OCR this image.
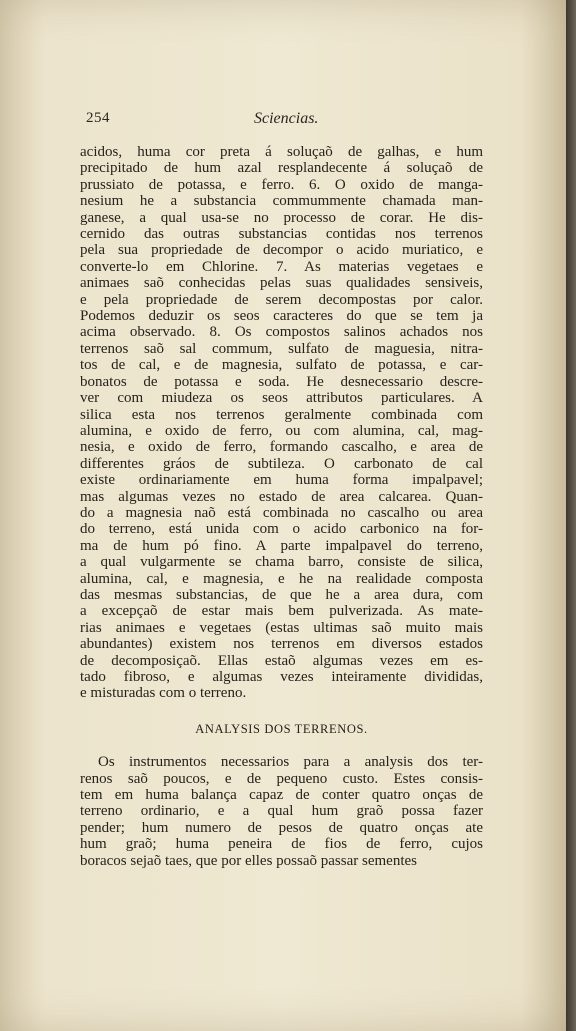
254	Sciencias.
acidos, huma cor preta á soluçaõ de galhas, e hum
precipitado de hum azal resplandecente á soluçaõ de
prussiato de potassa, e ferro. 6. O oxido de manga-
nesium he a substancia commummente chamada man-
ganese, a qual usa-se no processo de corar. He dis-
cernido das outras substancias contidas nos terrenos
pela sua propriedade de decompor o acido muriatico, e
converte-lo em Chlorine. 7. As materias vegetaes e
animaes saõ conhecidas pelas suas qualidades sensiveis,
e pela propriedade de serem decompostas por calor.
Podemos deduzir os seos caracteres do que se tem ja
acima observado. 8. Os compostos salinos achados nos
terrenos saõ sal commum, sulfato de maguesia, nitra-
tos de cal, e de magnesia, sulfato de potassa, e car-
bonatos de potassa e soda. He desnecessario descre-
ver com miudeza os seos attributos particulares. A
silica esta nos terrenos geralmente combinada com
alumina, e oxido de ferro, ou com alumina, cal, mag-
nesia, e oxido de ferro, formando cascalho, e area de
differentes gráos de subtileza. O carbonato de cal
existe ordinariamente em huma forma impalpavel;
mas algumas vezes no estado de area calcarea. Quan-
do a magnesia naõ está combinada no cascalho ou area
do terreno, está unida com o acido carbonico na for-
ma de hum pó fino. A parte impalpavel do terreno,
a qual vulgarmente se chama barro, consiste de silica,
alumina, cal, e magnesia, e he na realidade composta
das mesmas substancias, de que he a area dura, com
a excepçaõ de estar mais bem pulverizada. As mate-
rias animaes e vegetaes (estas ultimas saõ muito mais
abundantes) existem nos terrenos em diversos estados
de decomposiçaõ. Ellas estaõ algumas vezes em es-
tado fibroso, e algumas vezes inteiramente divididas,
e misturadas com o terreno.
ANALYSIS DOS TERRENOS.
Os instrumentos necessarios para a analysis dos ter-
renos saõ poucos, e de pequeno custo. Estes consis-
tem em huma balança capaz de conter quatro onças de
terreno ordinario, e a qual hum graõ possa fazer
pender; hum numero de pesos de quatro onças ate
hum graõ; huma peneira de fios de ferro, cujos
boracos sejaõ taes, que por elles possaõ passar sementes
